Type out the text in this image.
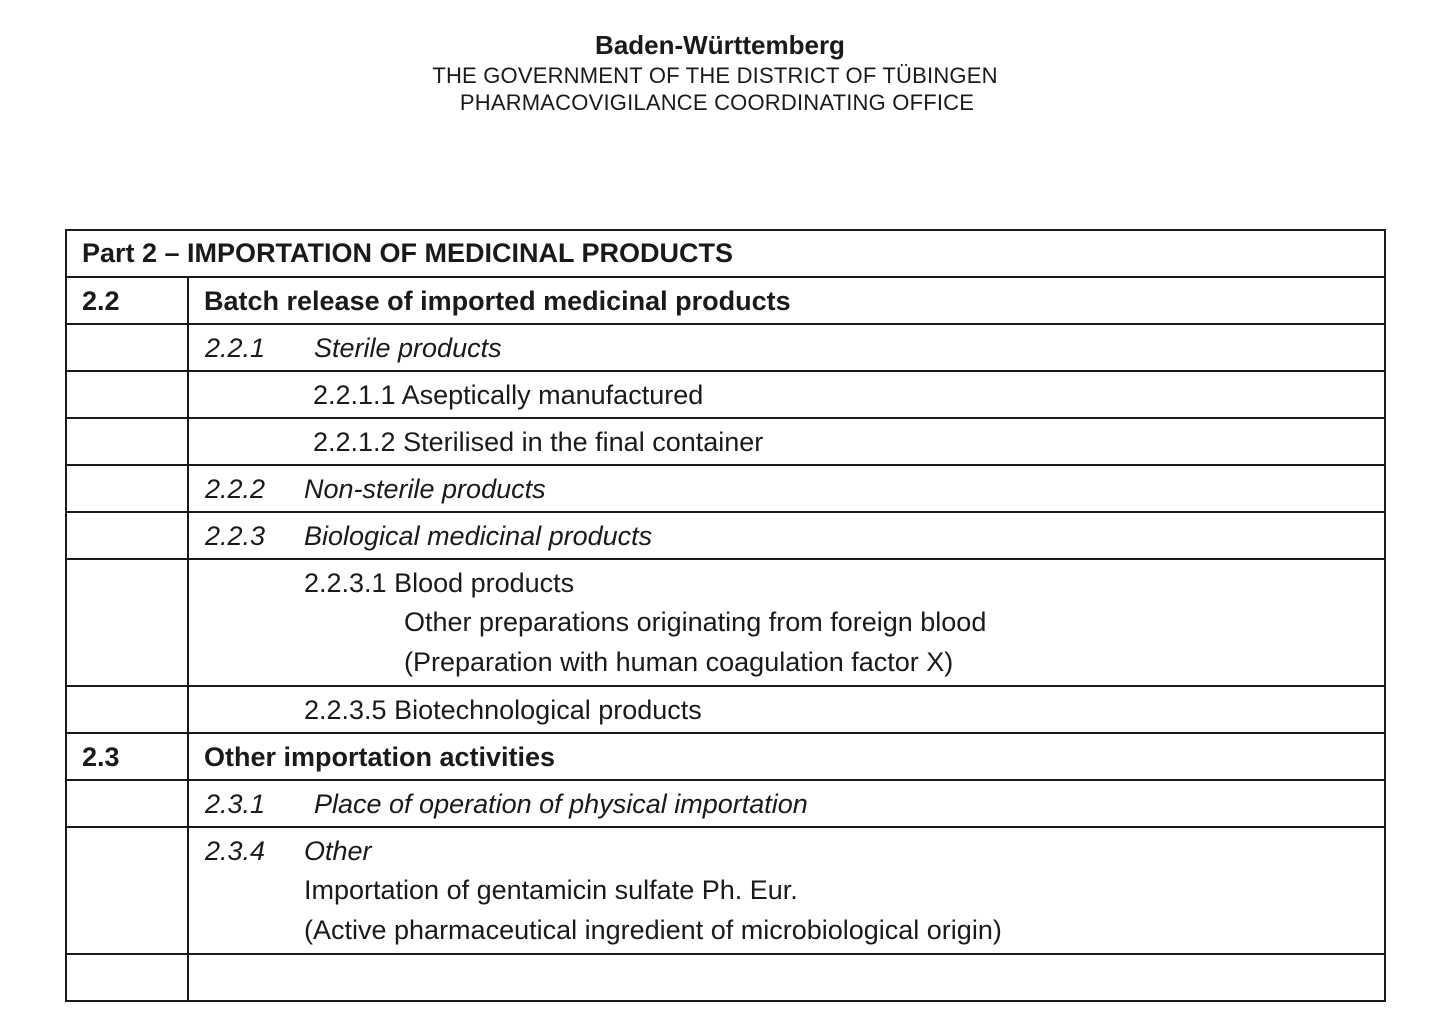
Baden-Württemberg
THE GOVERNMENT OF THE DISTRICT OF TÜBINGEN
PHARMACOVIGILANCE COORDINATING OFFICE
Part 2 – IMPORTATION OF MEDICINAL PRODUCTS	
2.2	Batch release of imported medicinal products

	2.2.1 Sterile products

	2.2.1.1 Aseptically manufactured

	2.2.1.2 Sterilised in the final container

	2.2.2 Non-sterile products

	2.2.3 Biological medicinal products

	2.2.3.1 Blood products
Other preparations originating from foreign blood
(Preparation with human coagulation factor X)

	2.2.3.5 Biotechnological products

2.3	Other importation activities

	2.3.1 Place of operation of physical importation

	2.3.4 Other
Importation of gentamicin sulfate Ph. Eur.
(Active pharmaceutical ingredient of microbiological origin)
